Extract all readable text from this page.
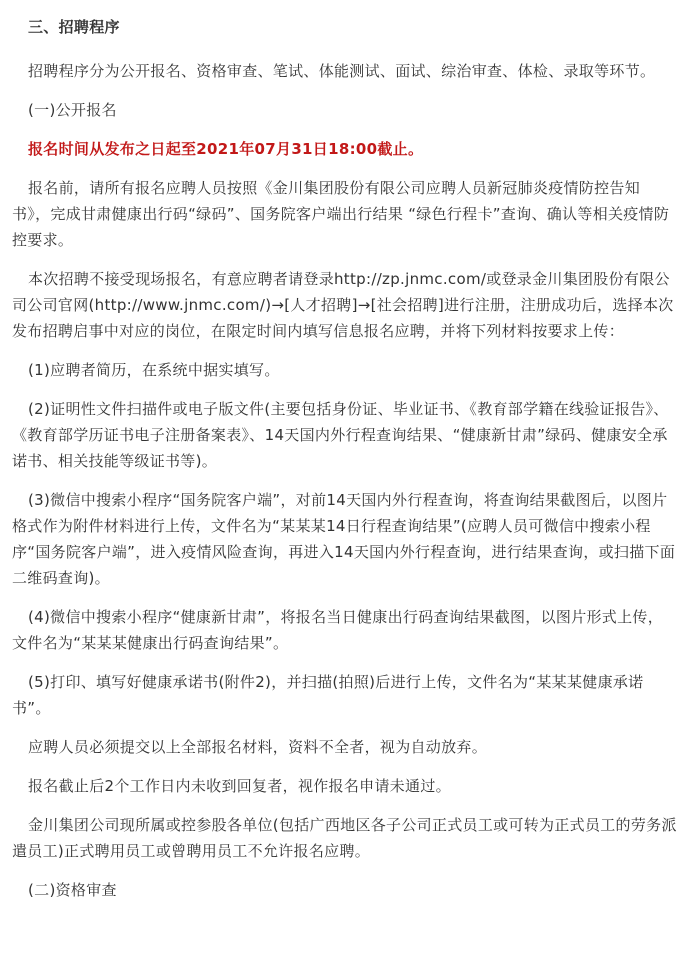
三、招聘程序

招聘程序分为公开报名、资格审查、笔试、体能测试、面试、综治审查、体检、录取等环节。

(一)公开报名

报名时间从发布之日起至2021年07月31日18:00截止。

报名前，请所有报名应聘人员按照《金川集团股份有限公司应聘人员新冠肺炎疫情防控告知书》，完成甘肃健康出行码“绿码”、国务院客户端出行结果 “绿色行程卡”查询、确认等相关疫情防控要求。

本次招聘不接受现场报名，有意应聘者请登录http://zp.jnmc.com/或登录金川集团股份有限公司公司官网(http://www.jnmc.com/)→[人才招聘]→[社会招聘]进行注册，注册成功后，选择本次发布招聘启事中对应的岗位，在限定时间内填写信息报名应聘，并将下列材料按要求上传：

(1)应聘者简历，在系统中据实填写。

(2)证明性文件扫描件或电子版文件(主要包括身份证、毕业证书、《教育部学籍在线验证报告》、《教育部学历证书电子注册备案表》、14天国内外行程查询结果、“健康新甘肃”绿码、健康安全承诺书、相关技能等级证书等)。

(3)微信中搜索小程序“国务院客户端”，对前14天国内外行程查询，将查询结果截图后，以图片格式作为附件材料进行上传，文件名为“某某某14日行程查询结果”(应聘人员可微信中搜索小程序“国务院客户端”，进入疫情风险查询，再进入14天国内外行程查询，进行结果查询，或扫描下面二维码查询)。

(4)微信中搜索小程序“健康新甘肃”，将报名当日健康出行码查询结果截图，以图片形式上传，文件名为“某某某健康出行码查询结果”。

(5)打印、填写好健康承诺书(附件2)，并扫描(拍照)后进行上传，文件名为“某某某健康承诺书”。

应聘人员必须提交以上全部报名材料，资料不全者，视为自动放弃。

报名截止后2个工作日内未收到回复者，视作报名申请未通过。

金川集团公司现所属或控参股各单位(包括广西地区各子公司正式员工或可转为正式员工的劳务派遣员工)正式聘用员工或曾聘用员工不允许报名应聘。

(二)资格审查
